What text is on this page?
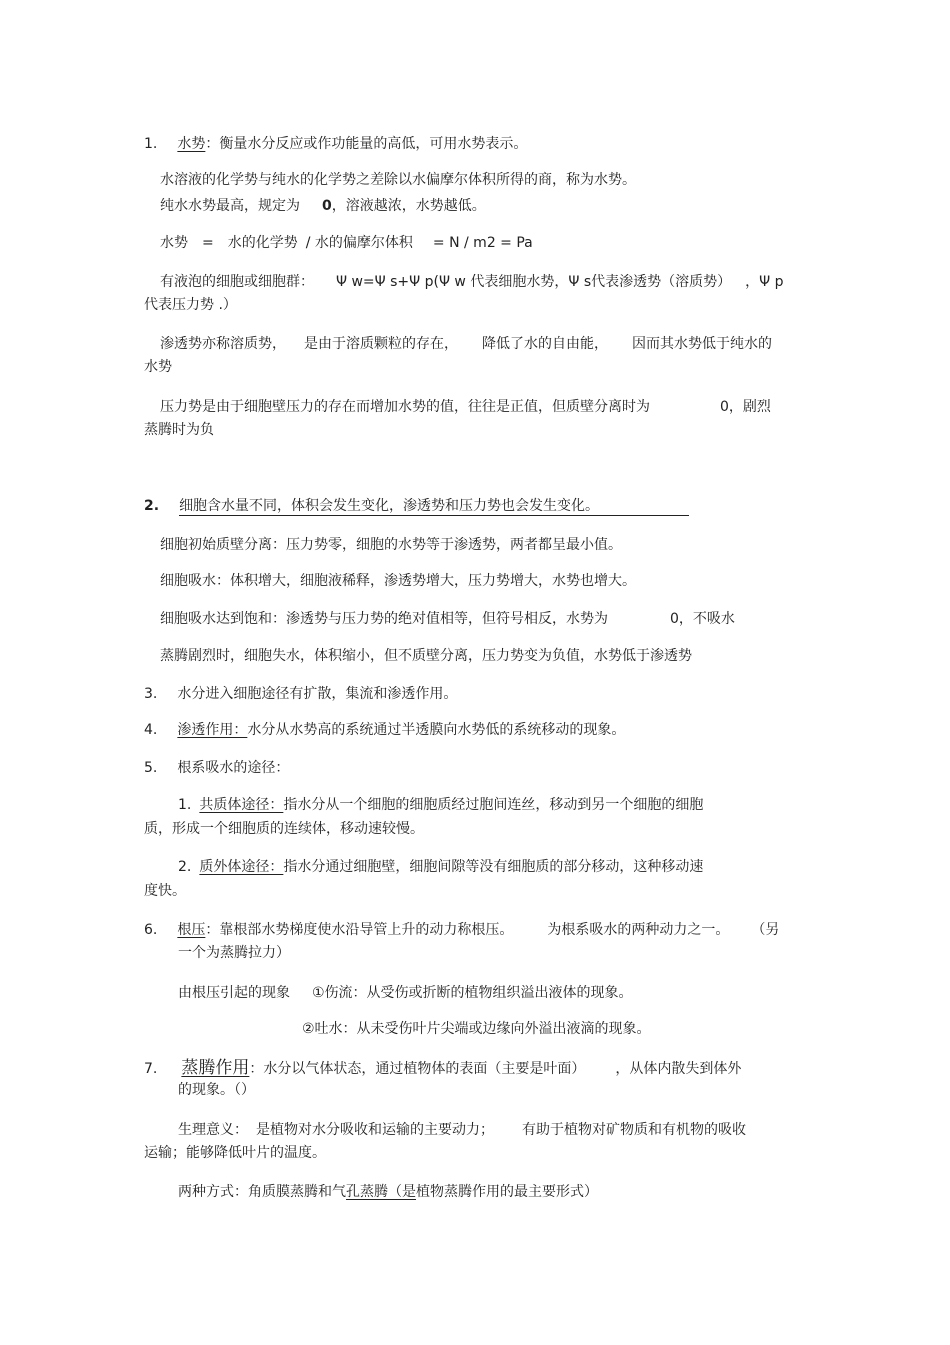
1. 水势：衡量水分反应或作功能量的高低，可用水势表示。
水溶液的化学势与纯水的化学势之差除以水偏摩尔体积所得的商，称为水势。
纯水水势最高，规定为 0，溶液越浓，水势越低。
水势 = 水的化学势 / 水的偏摩尔体积 = N / m2 = Pa
有液泡的细胞或细胞群： Ψ w=Ψ s+Ψ p(Ψ w 代表细胞水势，Ψ s代表渗透势（溶质势） ，Ψ p
代表压力势 .）
渗透势亦称溶质势， 是由于溶质颗粒的存在， 降低了水的自由能， 因而其水势低于纯水的
水势
压力势是由于细胞壁压力的存在而增加水势的值，往往是正值，但质壁分离时为	0，剧烈
蒸腾时为负
2. 细胞含水量不同，体积会发生变化，渗透势和压力势也会发生变化。
细胞初始质壁分离：压力势零，细胞的水势等于渗透势，两者都呈最小值。
细胞吸水：体积增大，细胞液稀释，渗透势增大，压力势增大，水势也增大。
细胞吸水达到饱和：渗透势与压力势的绝对值相等，但符号相反，水势为	0，不吸水
蒸腾剧烈时，细胞失水，体积缩小，但不质壁分离，压力势变为负值，水势低于渗透势
3. 水分进入细胞途径有扩散，集流和渗透作用。
4. 渗透作用：水分从水势高的系统通过半透膜向水势低的系统移动的现象。
5. 根系吸水的途径：
1. 共质体途径：指水分从一个细胞的细胞质经过胞间连丝，移动到另一个细胞的细胞
质，形成一个细胞质的连续体，移动速较慢。
2. 质外体途径：指水分通过细胞壁，细胞间隙等没有细胞质的部分移动，这种移动速
度快。
6. 根压：靠根部水势梯度使水沿导管上升的动力称根压。 为根系吸水的两种动力之一。 （另
一个为蒸腾拉力）
由根压引起的现象 ①伤流：从受伤或折断的植物组织溢出液体的现象。
②吐水：从未受伤叶片尖端或边缘向外溢出液滴的现象。
7. 蒸腾作用：水分以气体状态，通过植物体的表面（主要是叶面） ，从体内散失到体外
的现象。（）
生理意义： 是植物对水分吸收和运输的主要动力； 有助于植物对矿物质和有机物的吸收
运输；能够降低叶片的温度。
两种方式：角质膜蒸腾和气孔蒸腾（是植物蒸腾作用的最主要形式）
